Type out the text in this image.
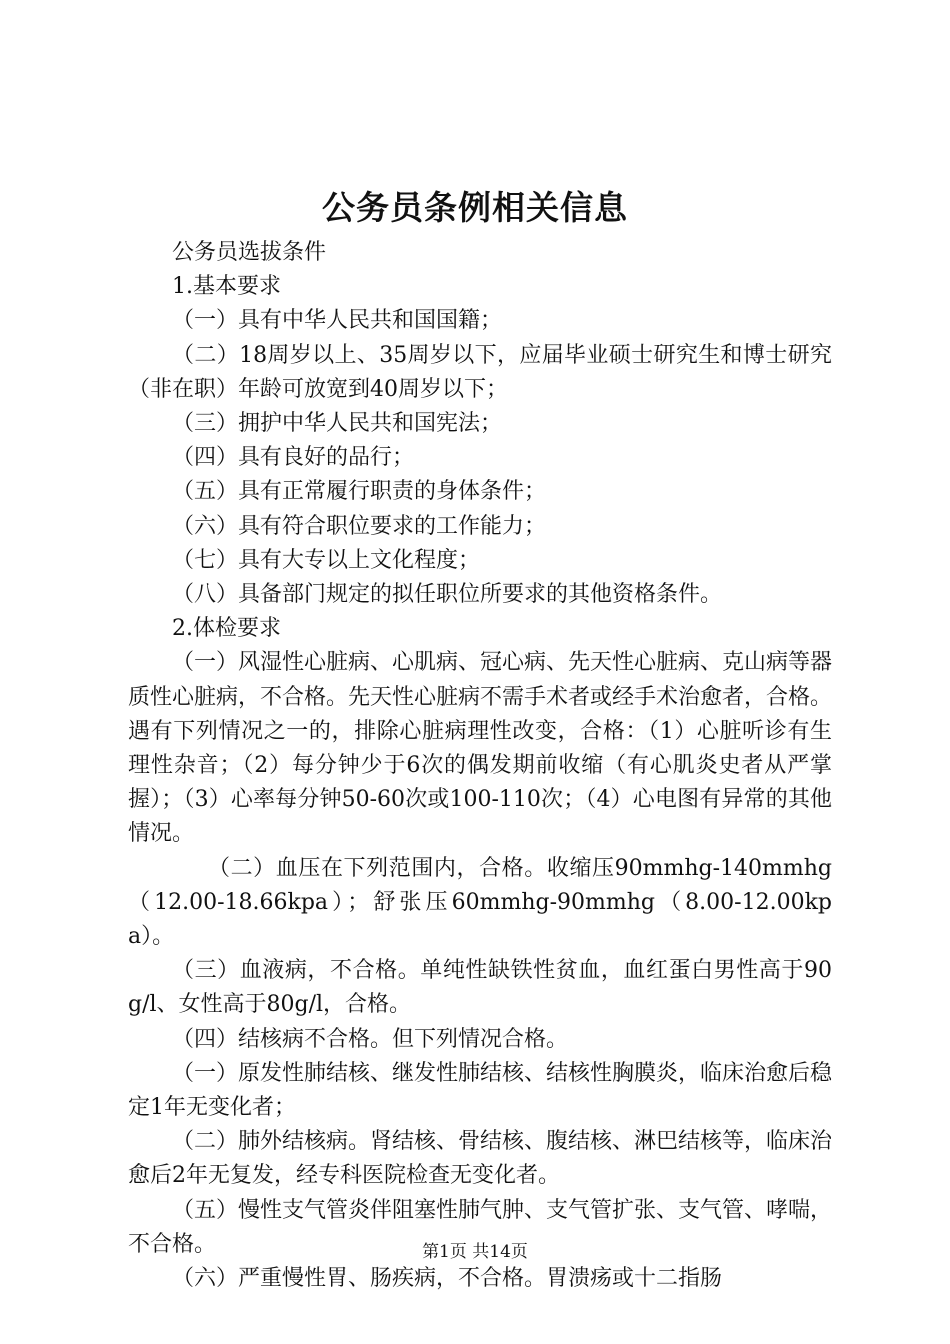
公务员条例相关信息

公务员选拔条件

1.基本要求

（一）具有中华人民共和国国籍；

（二）18周岁以上、35周岁以下，应届毕业硕士研究生和博士研究（非在职）年龄可放宽到40周岁以下；

（三）拥护中华人民共和国宪法；

（四）具有良好的品行；

（五）具有正常履行职责的身体条件；

（六）具有符合职位要求的工作能力；

（七）具有大专以上文化程度；

（八）具备部门规定的拟任职位所要求的其他资格条件。

2.体检要求

（一）风湿性心脏病、心肌病、冠心病、先天性心脏病、克山病等器质性心脏病，不合格。先天性心脏病不需手术者或经手术治愈者，合格。遇有下列情况之一的，排除心脏病理性改变，合格：（1）心脏听诊有生理性杂音；（2）每分钟少于6次的偶发期前收缩（有心肌炎史者从严掌握）；（3）心率每分钟50-60次或100-110次；（4）心电图有异常的其他情况。

（二）血压在下列范围内，合格。收缩压90mmhg-140mmhg（12.00-18.66kpa）；舒张压60mmhg-90mmhg（8.00-12.00kpa）。

（三）血液病，不合格。单纯性缺铁性贫血，血红蛋白男性高于90g/l、女性高于80g/l，合格。

（四）结核病不合格。但下列情况合格。

（一）原发性肺结核、继发性肺结核、结核性胸膜炎，临床治愈后稳定1年无变化者；

（二）肺外结核病。肾结核、骨结核、腹结核、淋巴结核等，临床治愈后2年无复发，经专科医院检查无变化者。

（五）慢性支气管炎伴阻塞性肺气肿、支气管扩张、支气管、哮喘，不合格。

（六）严重慢性胃、肠疾病，不合格。胃溃疡或十二指肠

第1页 共14页
